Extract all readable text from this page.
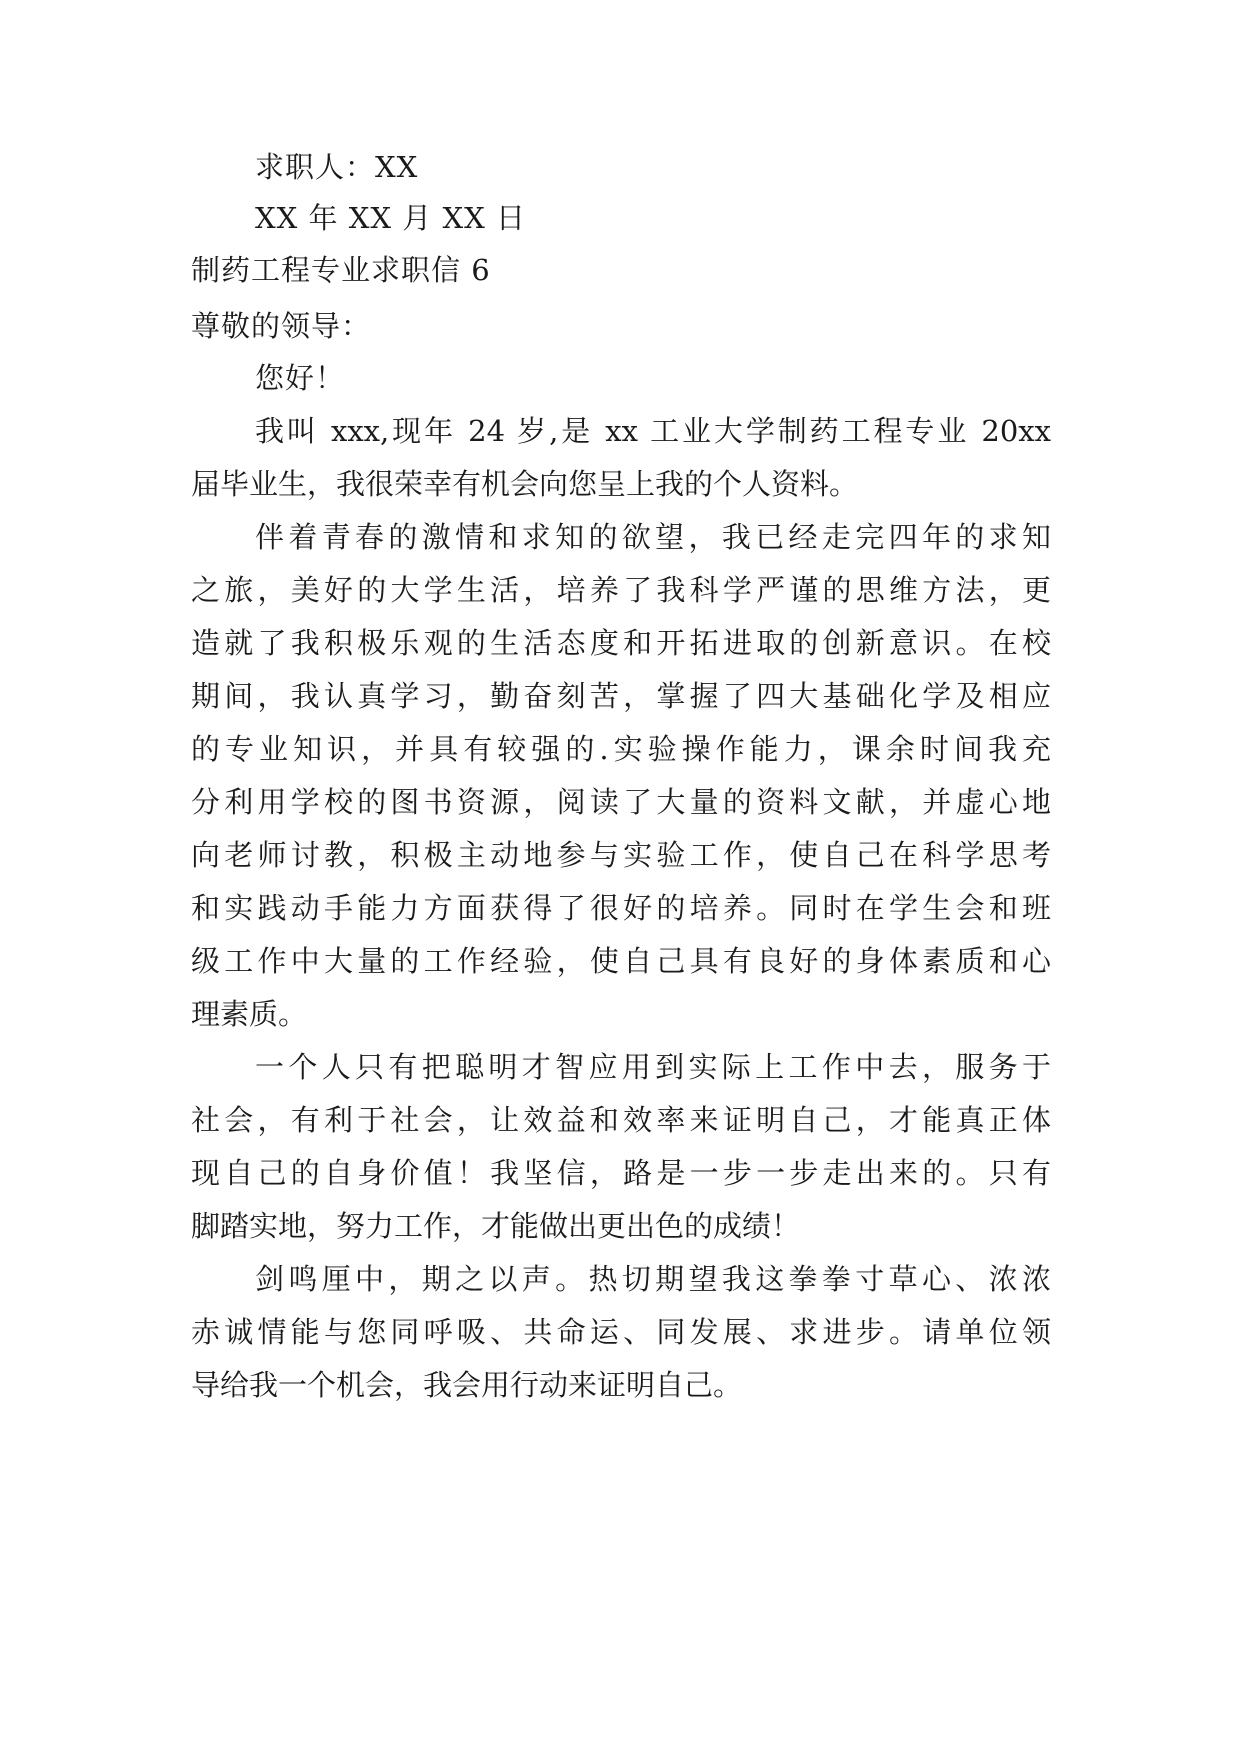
求职人：XX
XX 年 XX 月 XX 日
制药工程专业求职信 6
尊敬的领导：
您好！
我叫 xxx,现年 24 岁,是 xx 工业大学制药工程专业 20xx
届毕业生，我很荣幸有机会向您呈上我的个人资料。
伴着青春的激情和求知的欲望，我已经走完四年的求知
之旅，美好的大学生活，培养了我科学严谨的思维方法，更
造就了我积极乐观的生活态度和开拓进取的创新意识。在校
期间，我认真学习，勤奋刻苦，掌握了四大基础化学及相应
的专业知识，并具有较强的.实验操作能力，课余时间我充
分利用学校的图书资源，阅读了大量的资料文献，并虚心地
向老师讨教，积极主动地参与实验工作，使自己在科学思考
和实践动手能力方面获得了很好的培养。同时在学生会和班
级工作中大量的工作经验，使自己具有良好的身体素质和心
理素质。
一个人只有把聪明才智应用到实际上工作中去，服务于
社会，有利于社会，让效益和效率来证明自己，才能真正体
现自己的自身价值！我坚信，路是一步一步走出来的。只有
脚踏实地，努力工作，才能做出更出色的成绩！
剑鸣厘中，期之以声。热切期望我这拳拳寸草心、浓浓
赤诚情能与您同呼吸、共命运、同发展、求进步。请单位领
导给我一个机会，我会用行动来证明自己。
